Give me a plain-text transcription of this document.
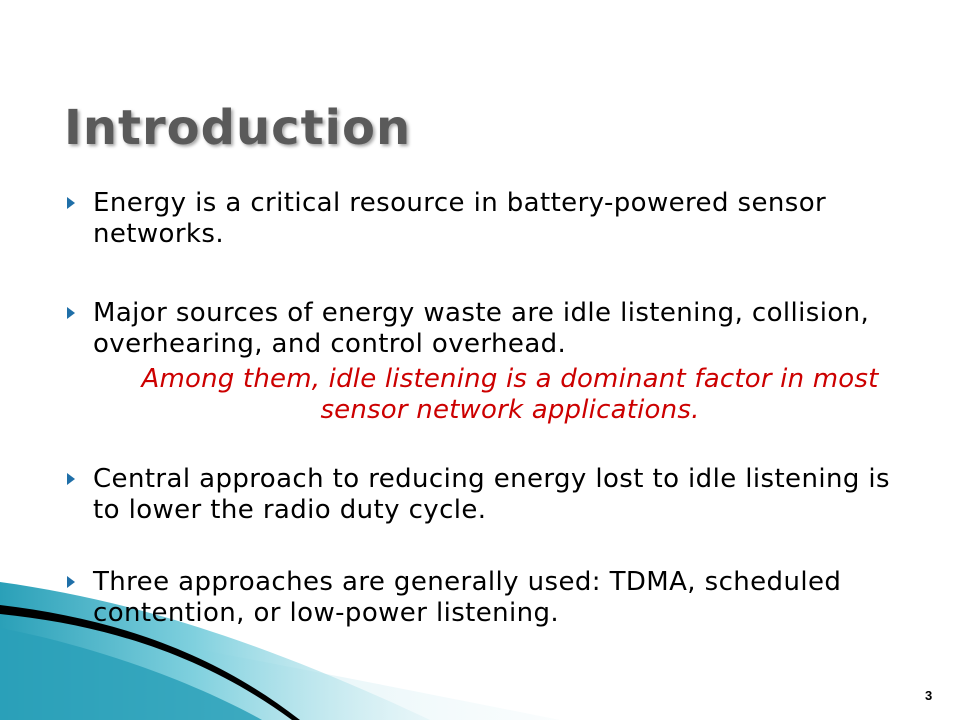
Introduction
Energy is a critical resource in battery-powered sensor networks.
Major sources of energy waste are idle listening, collision, overhearing, and control overhead.
Among them, idle listening is a dominant factor in most sensor network applications.
Central approach to reducing energy lost to idle listening is to lower the radio duty cycle.
Three approaches are generally used: TDMA, scheduled contention, or low-power listening.
3
